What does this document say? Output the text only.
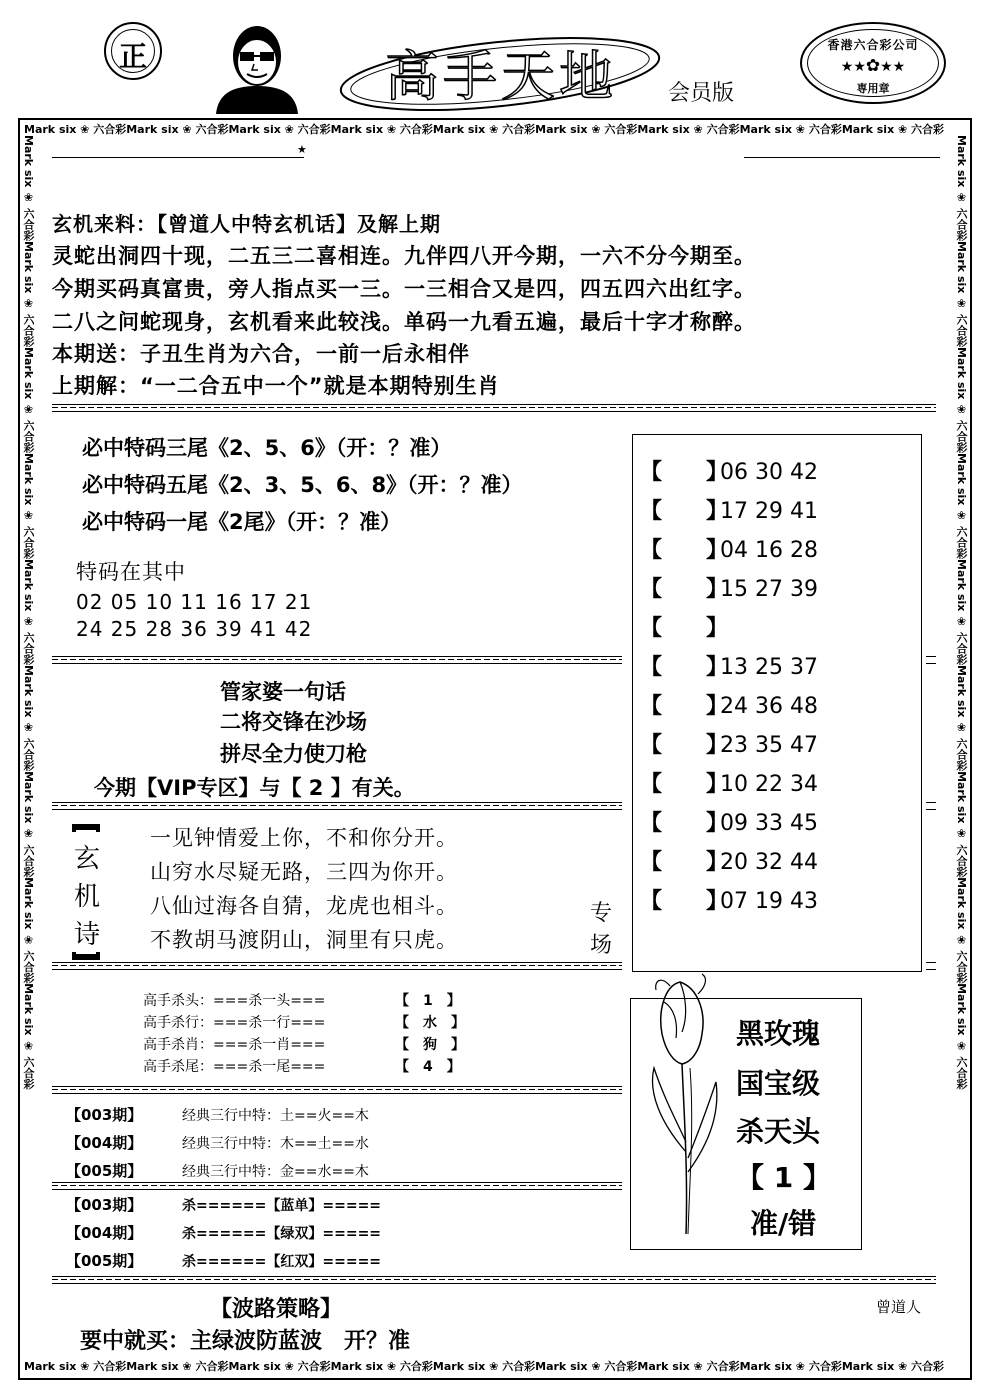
正	高手天地 会员版
香港六合彩公司
★★✿★★
専用章
Mark six ❀ 六合彩Mark six ❀ 六合彩Mark six ❀ 六合彩Mark six ❀ 六合彩Mark six ❀ 六合彩Mark six ❀ 六合彩Mark six ❀ 六合彩Mark six ❀ 六合彩Mark six ❀ 六合彩
Mark six ❀ 六合彩Mark six ❀ 六合彩Mark six ❀ 六合彩Mark six ❀ 六合彩Mark six ❀ 六合彩Mark six ❀ 六合彩Mark six ❀ 六合彩Mark six ❀ 六合彩Mark six ❀ 六合彩
Mark six ❀ 六合彩Mark six ❀ 六合彩Mark six ❀ 六合彩Mark six ❀ 六合彩Mark six ❀ 六合彩Mark six ❀ 六合彩Mark six ❀ 六合彩Mark six ❀ 六合彩Mark six ❀ 六合彩	Mark six ❀ 六合彩Mark six ❀ 六合彩Mark six ❀ 六合彩Mark six ❀ 六合彩Mark six ❀ 六合彩Mark six ❀ 六合彩Mark six ❀ 六合彩Mark six ❀ 六合彩Mark six ❀ 六合彩
★
玄机来料：【曾道人中特玄机话】及解上期
灵蛇出洞四十现，二五三二喜相连。九伴四八开今期，一六不分今期至。
今期买码真富贵，旁人指点买一三。一三相合又是四，四五四六出红字。
二八之问蛇现身，玄机看来此较浅。单码一九看五遍，最后十字才称醉。
本期送：子丑生肖为六合，一前一后永相伴
上期解：“一二合五中一个”就是本期特别生肖
必中特码三尾《2、5、6》（开：？准）
必中特码五尾《2、3、5、6、8》（开：？准）
必中特码一尾《2尾》（开：？准）
特码在其中
02 05 10 11 16 17 21
24 25 28 36 39 41 42
管家婆一句话
二将交锋在沙场
拼尽全力使刀枪
今期【VIP专区】与【 2 】有关。
玄
机
诗
一见钟情爱上你，不和你分开。
山穷水尽疑无路，三四为你开。
八仙过海各自猜，龙虎也相斗。
不教胡马渡阴山，洞里有只虎。
专
场
【　　】06 30 42
【　　】17 29 41
【　　】04 16 28
【　　】15 27 39
【　　】
【　　】13 25 37
【　　】24 36 48
【　　】23 35 47
【　　】10 22 34
【　　】09 33 45
【　　】20 32 44
【　　】07 19 43
高手杀头：===杀一头===	【　1　】
高手杀行：===杀一行===	【　水　】
高手杀肖：===杀一肖===	【　狗　】
高手杀尾：===杀一尾===	【　4　】
【003期】	经典三行中特：土==火==木
【004期】	经典三行中特：木==土==水
【005期】	经典三行中特：金==水==木
【003期】	杀======【蓝单】=====
【004期】	杀======【绿双】=====
【005期】	杀======【红双】=====
黑玫瑰
国宝级
杀天头
【 1 】
准/错
【波路策略】
要中就买：主绿波防蓝波　开？准
曾道人
